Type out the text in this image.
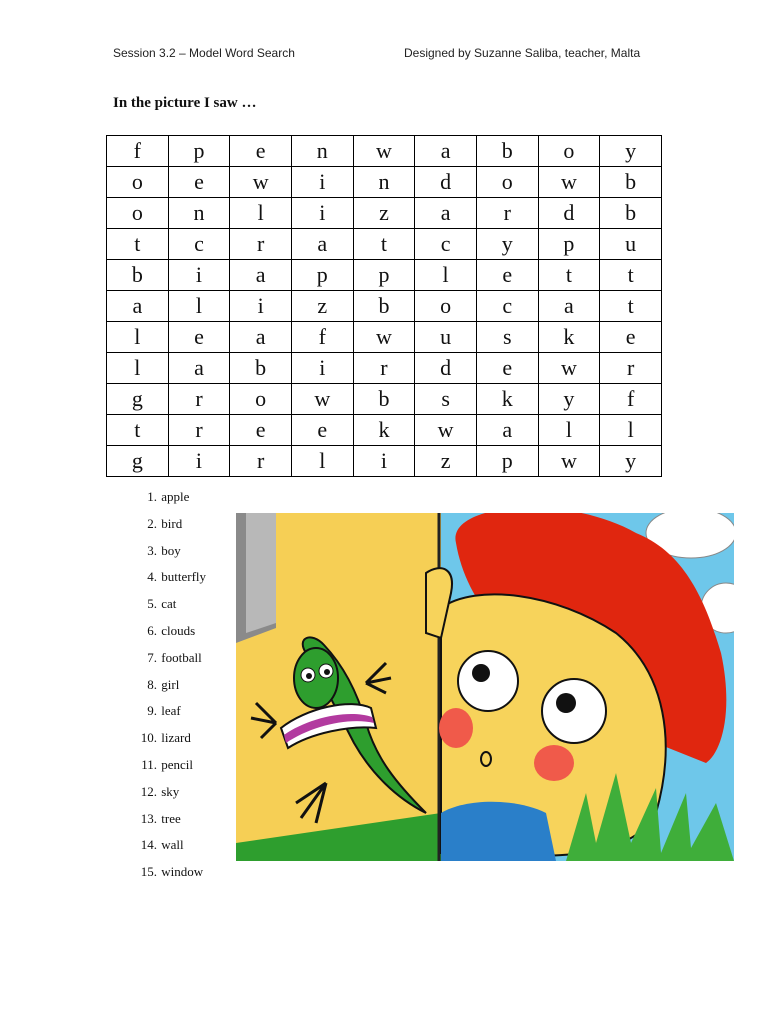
Session 3.2 – Model Word Search	Designed by Suzanne Saliba, teacher, Malta
In the picture I saw …
f	p	e	n	w	a	b	o	y
o	e	w	i	n	d	o	w	b
o	n	l	i	z	a	r	d	b
t	c	r	a	t	c	y	p	u
b	i	a	p	p	l	e	t	t
a	l	i	z	b	o	c	a	t
l	e	a	f	w	u	s	k	e
l	a	b	i	r	d	e	w	r
g	r	o	w	b	s	k	y	f
t	r	e	e	k	w	a	l	l
g	i	r	l	i	z	p	w	y
1. apple
2. bird
3. boy
4. butterfly
5. cat
6. clouds
7. football
8. girl
9. leaf
10. lizard
11. pencil
12. sky
13. tree
14. wall
15. window
